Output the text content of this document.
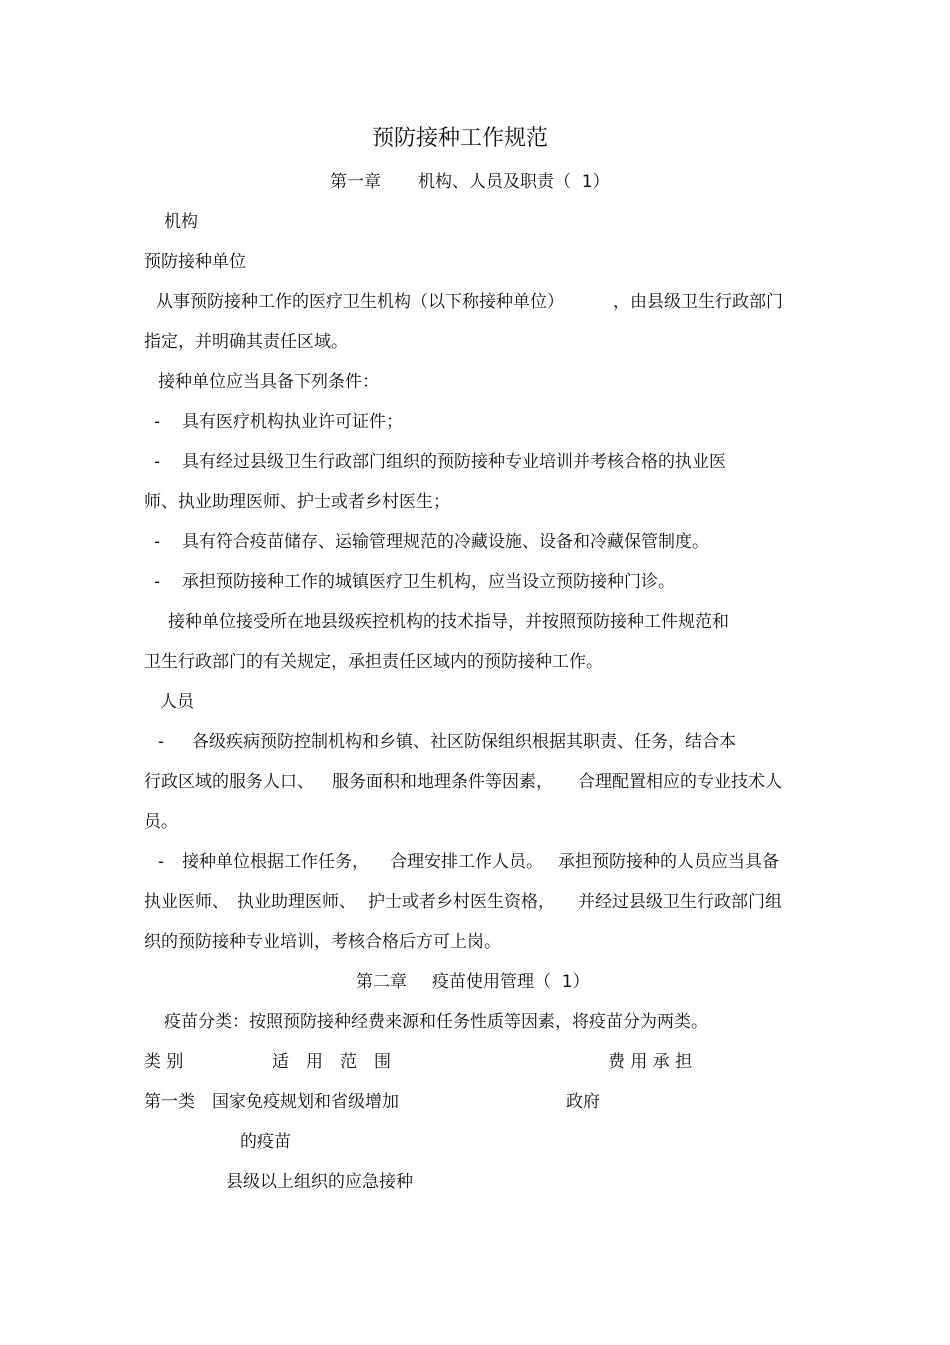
预防接种工作规范
第一章 机构、人员及职责（  1）
机构
预防接种单位
从事预防接种工作的医疗卫生机构（以下称接种单位）	，由县级卫生行政部门
指定，并明确其责任区域。
接种单位应当具备下列条件：
- 具有医疗机构执业许可证件；
- 具有经过县级卫生行政部门组织的预防接种专业培训并考核合格的执业医
师、执业助理医师、护士或者乡村医生；
- 具有符合疫苗储存、运输管理规范的冷藏设施、设备和冷藏保管制度。
- 承担预防接种工作的城镇医疗卫生机构，应当设立预防接种门诊。
接种单位接受所在地县级疾控机构的技术指导，并按照预防接种工件规范和
卫生行政部门的有关规定，承担责任区域内的预防接种工作。
人员
- 各级疾病预防控制机构和乡镇、社区防保组织根据其职责、任务，结合本
行政区域的服务人口、 服务面积和地理条件等因素， 合理配置相应的专业技术人
员。
- 接种单位根据工作任务， 合理安排工作人员。 承担预防接种的人员应当具备
执业医师、 执业助理医师、 护士或者乡村医生资格， 并经过县级卫生行政部门组
织的预防接种专业培训，考核合格后方可上岗。
第二章 疫苗使用管理（  1）
疫苗分类：按照预防接种经费来源和任务性质等因素，将疫苗分为两类。
类 别	适　用　范　围	费 用 承 担
第一类 国家免疫规划和省级增加	政府
的疫苗
县级以上组织的应急接种
